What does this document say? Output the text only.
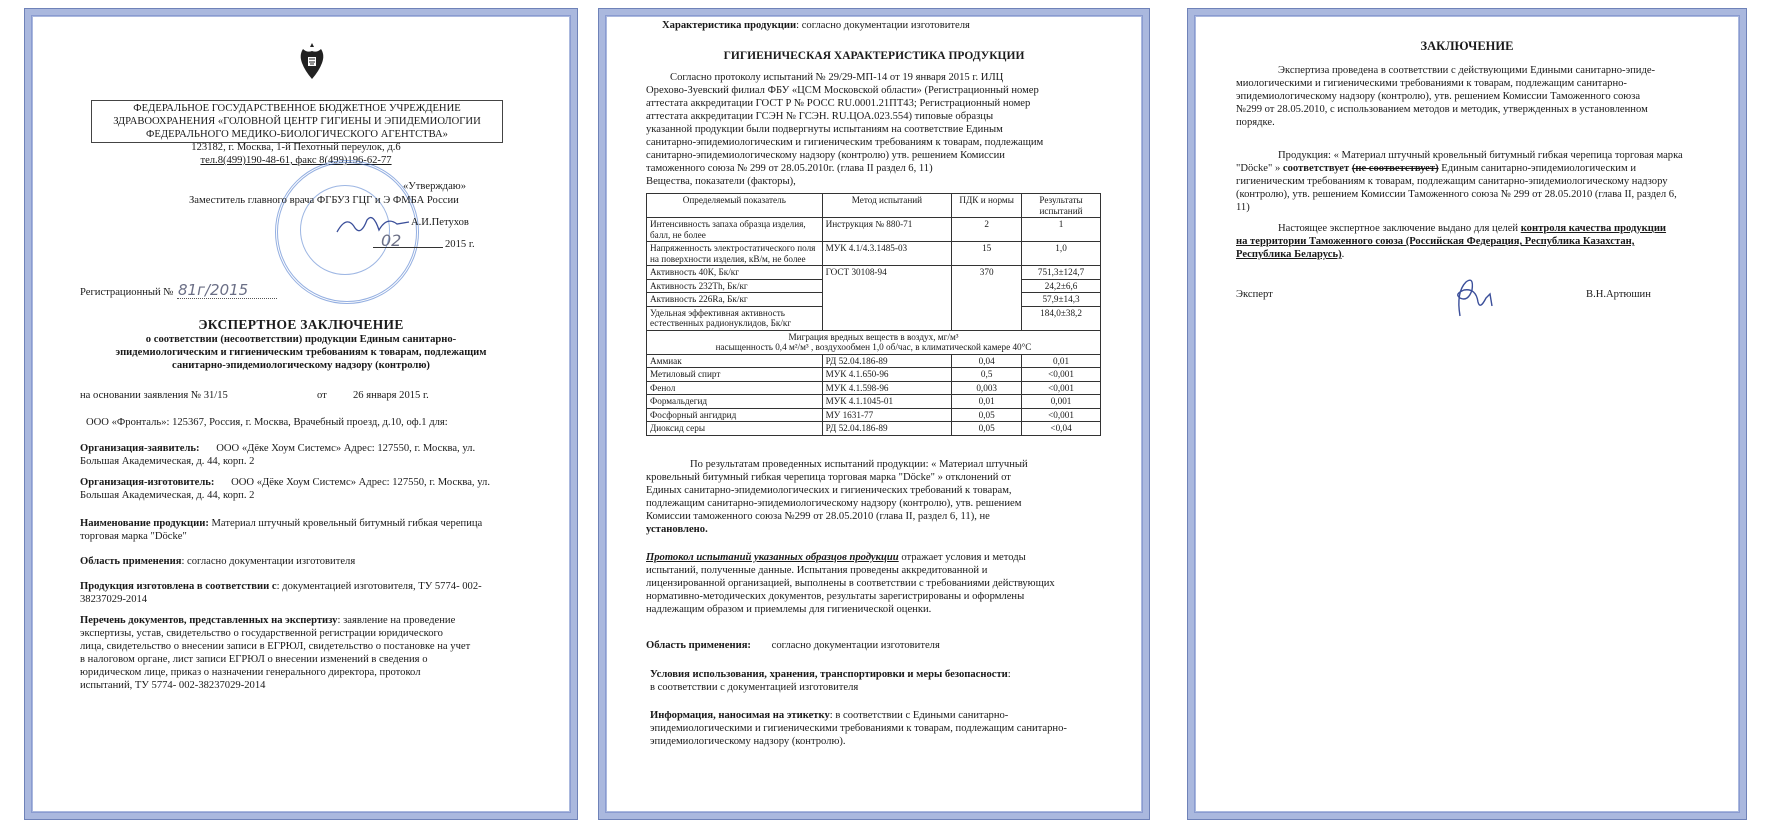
ФЕДЕРАЛЬНОЕ ГОСУДАРСТВЕННОЕ БЮДЖЕТНОЕ УЧРЕЖДЕНИЕ
ЗДРАВООХРАНЕНИЯ «ГОЛОВНОЙ ЦЕНТР ГИГИЕНЫ И ЭПИДЕМИОЛОГИИ
ФЕДЕРАЛЬНОГО МЕДИКО-БИОЛОГИЧЕСКОГО АГЕНТСТВА»
123182, г. Москва, 1-й Пехотный переулок, д.6
тел.8(499)190-48-61, факс 8(499)196-62-77
«Утверждаю»
Заместитель главного врача ФГБУЗ ГЦГ и Э ФМБА России
А.И.Петухов
02	2015 г.
Регистрационный № 81г/2015
ЭКСПЕРТНОЕ ЗАКЛЮЧЕНИЕ
о соответствии (несоответствии) продукции Единым санитарно-
эпидемиологическим и гигиеническим требованиям к товарам, подлежащим
санитарно-эпидемиологическому надзору (контролю)
на основании заявления № 31/15	от 26 января 2015 г.
ООО «Фронталь»: 125367, Россия, г. Москва, Врачебный проезд, д.10, оф.1 для:
Организация-заявитель: ООО «Дёке Хоум Системс» Адрес: 127550, г. Москва, ул.
Большая Академическая, д. 44, корп. 2
Организация-изготовитель: ООО «Дёке Хоум Системс» Адрес: 127550, г. Москва, ул.
Большая Академическая, д. 44, корп. 2
Наименование продукции: Материал штучный кровельный битумный гибкая черепица
торговая марка "Döcke"
Область применения: согласно документации изготовителя
Продукция изготовлена в соответствии с: документацией изготовителя, ТУ 5774- 002-
38237029-2014
Перечень документов, представленных на экспертизу: заявление на проведение
экспертизы, устав, свидетельство о государственной регистрации юридического
лица, свидетельство о внесении записи в ЕГРЮЛ, свидетельство о постановке на учет
в налоговом органе, лист записи ЕГРЮЛ о внесении изменений в сведения о
юридическом лице, приказ о назначении генерального директора, протокол
испытаний, ТУ 5774- 002-38237029-2014
Характеристика продукции: согласно документации изготовителя
ГИГИЕНИЧЕСКАЯ ХАРАКТЕРИСТИКА ПРОДУКЦИИ
Согласно протоколу испытаний № 29/29-МП-14 от 19 января 2015 г. ИЛЦ
Орехово-Зуевский филиал ФБУ «ЦСМ Московской области» (Регистрационный номер
аттестата аккредитации ГОСТ Р № РОСС RU.0001.21ПТ43; Регистрационный номер
аттестата аккредитации ГСЭН № ГСЭН. RU.ЦОА.023.554) типовые образцы
указанной продукции были подвергнуты испытаниям на соответствие Единым
санитарно-эпидемиологическим и гигиеническим требованиям к товарам, подлежащим
санитарно-эпидемиологическому надзору (контролю) утв. решением Комиссии
таможенного союза № 299 от 28.05.2010г. (глава II раздел 6, 11)
Вещества, показатели (факторы),
Определяемый показатель	Метод испытаний	ПДК и нормы	Результаты испытаний
Интенсивность запаха образца изделия, балл, не более	Инструкция № 880-71	2	1
Напряженность электростатического поля на поверхности изделия, кВ/м, не более	МУК 4.1/4.3.1485-03	15	1,0
Активность 40К, Бк/кг	ГОСТ 30108-94	370	751,3±124,7
Активность 232Th, Бк/кг			24,2±6,6
Активность 226Ra, Бк/кг			57,9±14,3
Удельная эффективная активность естественных радионуклидов, Бк/кг			184,0±38,2

Миграция вредных веществ в воздух, мг/м³
насыщенность 0,4 м²/м³ , воздухообмен 1,0 об/час, в климатической камере 40°С			

Аммиак	РД 52.04.186-89	0,04	0,01
Метиловый спирт	МУК 4.1.650-96	0,5	<0,001
Фенол	МУК 4.1.598-96	0,003	<0,001
Формальдегид	МУК 4.1.1045-01	0,01	0,001
Фосфорный ангидрид	МУ 1631-77	0,05	<0,001
Диоксид серы	РД 52.04.186-89	0,05	<0,04
По результатам проведенных испытаний продукции: « Материал штучный
кровельный битумный гибкая черепица торговая марка "Döcke" » отклонений от
Единых санитарно-эпидемиологических и гигиенических требований к товарам,
подлежащим санитарно-эпидемиологическому надзору (контролю), утв. решением
Комиссии таможенного союза №299 от 28.05.2010 (глава II, раздел 6, 11), не
установлено.
Протокол испытаний указанных образцов продукции отражает условия и методы
испытаний, полученные данные. Испытания проведены аккредитованной и
лицензированной организацией, выполнены в соответствии с требованиями действующих
нормативно-методических документов, результаты зарегистрированы и оформлены
надлежащим образом и приемлемы для гигиенической оценки.
Область применения: согласно документации изготовителя
Условия использования, хранения, транспортировки и меры безопасности:
в соответствии с документацией изготовителя
Информация, наносимая на этикетку: в соответствии с Едиными санитарно-
эпидемиологическими и гигиеническими требованиями к товарам, подлежащим санитарно-
эпидемиологическому надзору (контролю).
ЗАКЛЮЧЕНИЕ
Экспертиза проведена в соответствии с действующими Едиными санитарно-эпиде-
миологическими и гигиеническими требованиями к товарам, подлежащим санитарно-
эпидемиологическому надзору (контролю), утв. решением Комиссии Таможенного союза
№299 от 28.05.2010, с использованием методов и методик, утвержденных в установленном
порядке.
Продукция: « Материал штучный кровельный битумный гибкая черепица торговая марка
"Döcke" » соответствует (не соответствует) Единым санитарно-эпидемиологическим и
гигиеническим требованиям к товарам, подлежащим санитарно-эпидемиологическому надзору
(контролю), утв. решением Комиссии Таможенного союза № 299 от 28.05.2010 (глава II, раздел 6,
11)
Настоящее экспертное заключение выдано для целей контроля качества продукции
на территории Таможенного союза (Российская Федерация, Республика Казахстан,
Республика Беларусь).
Эксперт	В.Н.Артюшин
